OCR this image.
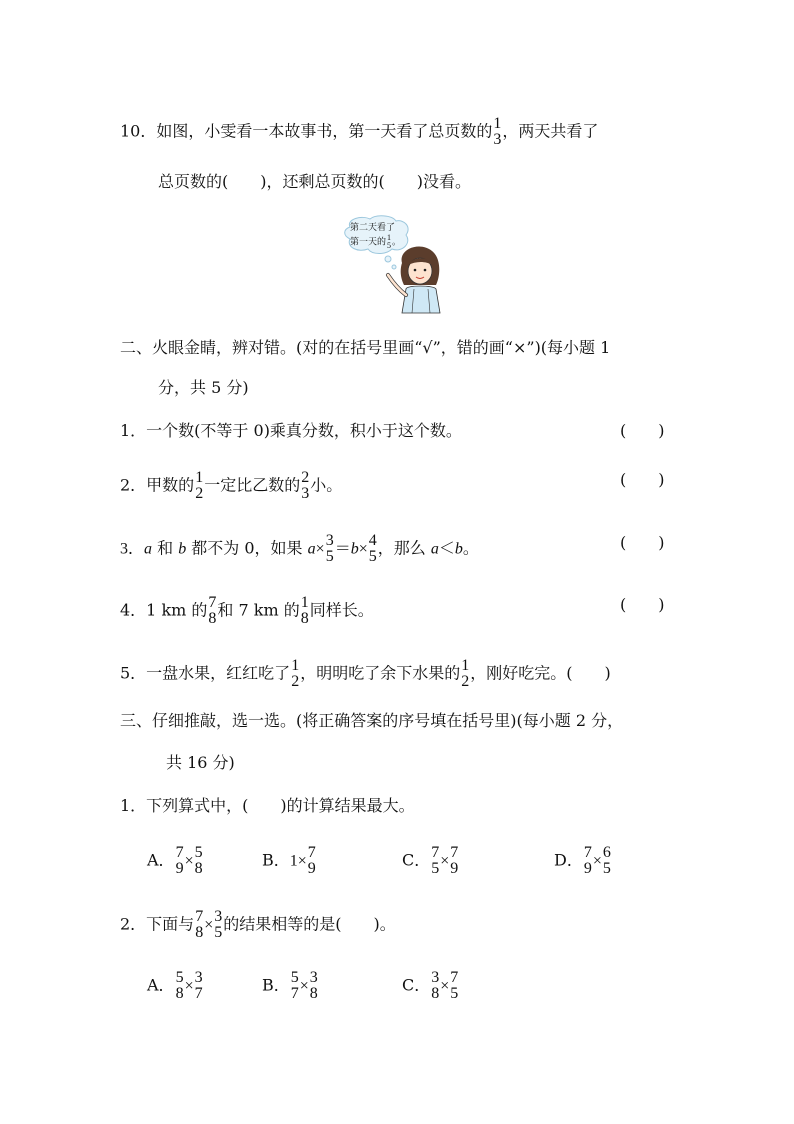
10．如图，小雯看一本故事书，第一天看了总页数的 1
3 ，两天共看了
总页数的(　　)，还剩总页数的(　　)没看。
第二天看了
第一天的 1
5 。
二、火眼金睛，辨对错。(对的在括号里画“√”，错的画“×”)(每小题 1
分，共 5 分)
1．一个数(不等于 0)乘真分数，积小于这个数。	(　　)
2．甲数的 1
2 一定比乙数的 2
3 小。	(　　)
3．a 和 b 都不为 0，如果 a× 3
5 ＝b× 4
5 ，那么 a＜b。	(　　)
4．1 km 的 7
8 和 7 km 的 1
8 同样长。	(　　)
5．一盘水果，红红吃了 1
2 ，明明吃了余下水果的 1
2 ，刚好吃完。(　　)
三、仔细推敲，选一选。(将正确答案的序号填在括号里)(每小题 2 分，
共 16 分)
1．下列算式中，(　　)的计算结果最大。
A． 7
9 × 5
8	B．1× 7
9	C． 7
5 × 7
9	D． 7
9 × 6
5
2．下面与 7
8 × 3
5 的结果相等的是(　　)。
A． 5
8 × 3
7	B． 5
7 × 3
8	C． 3
8 × 7
5
